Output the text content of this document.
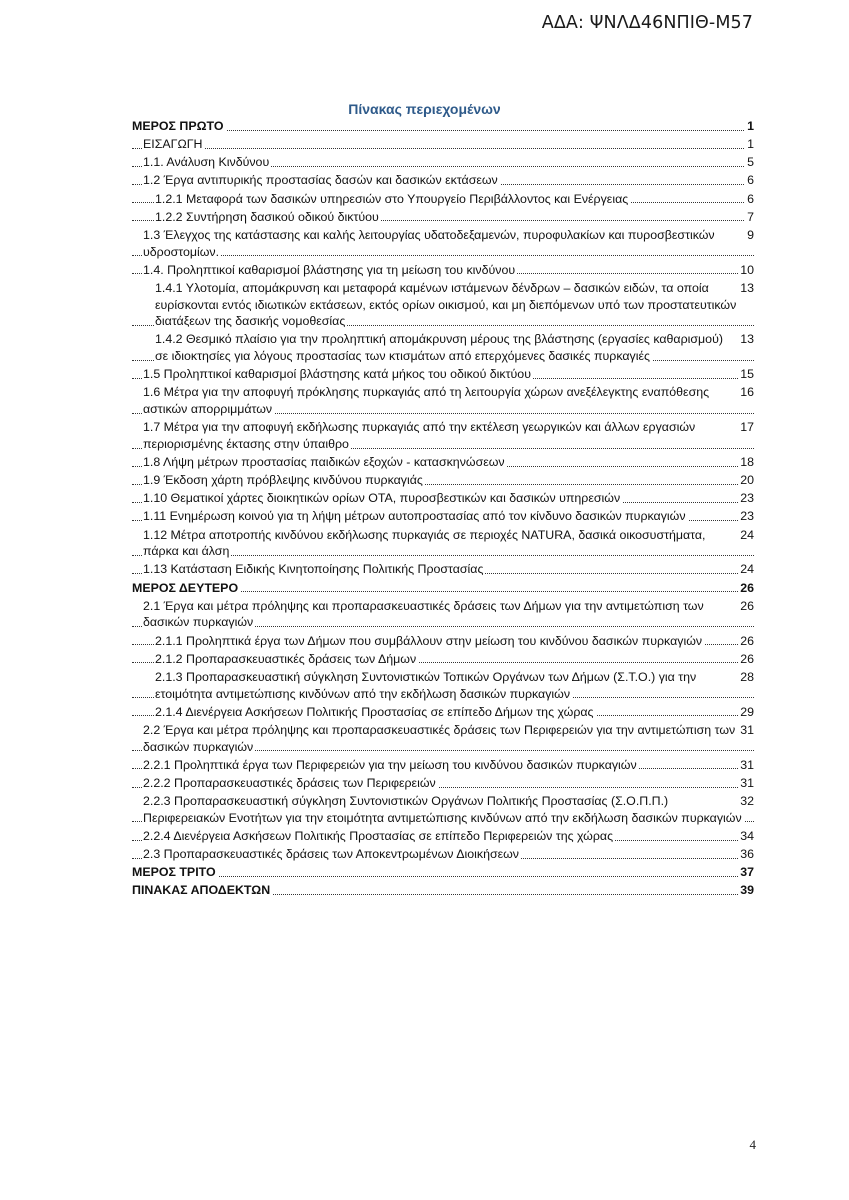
ΑΔΑ: ΨΝΛΔ46ΝΠΙΘ-Μ57
Πίνακας περιεχομένων
1
ΜΕΡΟΣ ΠΡΩΤΟ
1
ΕΙΣΑΓΩΓΗ
5
1.1. Ανάλυση Κινδύνου
6
1.2 Έργα αντιπυρικής προστασίας δασών και δασικών εκτάσεων
6
1.2.1 Μεταφορά των δασικών υπηρεσιών στο Υπουργείο Περιβάλλοντος και Ενέργειας
7
1.2.2 Συντήρηση δασικού οδικού δικτύου
9
1.3 Έλεγχος της κατάστασης και καλής λειτουργίας υδατοδεξαμενών, πυροφυλακίων και πυροσβεστικών υδροστομίων.
10
1.4. Προληπτικοί καθαρισμοί βλάστησης για τη μείωση του κινδύνου
13
1.4.1 Υλοτομία, απομάκρυνση και μεταφορά καμένων ιστάμενων δένδρων – δασικών ειδών, τα οποία ευρίσκονται εντός ιδιωτικών εκτάσεων, εκτός ορίων οικισμού, και μη διεπόμενων υπό των προστατευτικών διατάξεων της δασικής νομοθεσίας
13
1.4.2 Θεσμικό πλαίσιο για την προληπτική απομάκρυνση μέρους της βλάστησης (εργασίες καθαρισμού) σε ιδιοκτησίες για λόγους προστασίας των κτισμάτων από επερχόμενες δασικές πυρκαγιές
15
1.5 Προληπτικοί καθαρισμοί βλάστησης κατά μήκος του οδικού δικτύου
16
1.6 Μέτρα για την αποφυγή πρόκλησης πυρκαγιάς από τη λειτουργία χώρων ανεξέλεγκτης εναπόθεσης αστικών απορριμμάτων
17
1.7 Μέτρα για την αποφυγή εκδήλωσης πυρκαγιάς από την εκτέλεση γεωργικών και άλλων εργασιών περιορισμένης έκτασης στην ύπαιθρο
18
1.8 Λήψη μέτρων προστασίας παιδικών εξοχών - κατασκηνώσεων
20
1.9 Έκδοση χάρτη πρόβλεψης κινδύνου πυρκαγιάς
23
1.10 Θεματικοί χάρτες διοικητικών ορίων ΟΤΑ, πυροσβεστικών και δασικών υπηρεσιών
23
1.11 Ενημέρωση κοινού για τη λήψη μέτρων αυτοπροστασίας από τον κίνδυνο δασικών πυρκαγιών
24
1.12 Μέτρα αποτροπής κινδύνου εκδήλωσης πυρκαγιάς σε περιοχές NATURA, δασικά οικοσυστήματα, πάρκα και άλση
24
1.13 Κατάσταση Ειδικής Κινητοποίησης Πολιτικής Προστασίας
26
ΜΕΡΟΣ ΔΕΥΤΕΡΟ
26
2.1 Έργα και μέτρα πρόληψης και προπαρασκευαστικές δράσεις των Δήμων για την αντιμετώπιση των δασικών πυρκαγιών
26
2.1.1 Προληπτικά έργα των Δήμων που συμβάλλουν στην μείωση του κινδύνου δασικών πυρκαγιών
26
2.1.2 Προπαρασκευαστικές δράσεις των Δήμων
28
2.1.3 Προπαρασκευαστική σύγκληση Συντονιστικών Τοπικών Οργάνων των Δήμων (Σ.Τ.Ο.) για την ετοιμότητα αντιμετώπισης κινδύνων από την εκδήλωση δασικών πυρκαγιών
29
2.1.4 Διενέργεια Ασκήσεων Πολιτικής Προστασίας σε επίπεδο Δήμων της χώρας
31
2.2 Έργα και μέτρα πρόληψης και προπαρασκευαστικές δράσεις των Περιφερειών για την αντιμετώπιση των δασικών πυρκαγιών
31
2.2.1 Προληπτικά έργα των Περιφερειών για την μείωση του κινδύνου δασικών πυρκαγιών
31
2.2.2 Προπαρασκευαστικές δράσεις των Περιφερειών
32
2.2.3 Προπαρασκευαστική σύγκληση Συντονιστικών Οργάνων Πολιτικής Προστασίας (Σ.Ο.Π.Π.) Περιφερειακών Ενοτήτων για την ετοιμότητα αντιμετώπισης κινδύνων από την εκδήλωση δασικών πυρκαγιών
34
2.2.4 Διενέργεια Ασκήσεων Πολιτικής Προστασίας σε επίπεδο Περιφερειών της χώρας
36
2.3 Προπαρασκευαστικές δράσεις των Αποκεντρωμένων Διοικήσεων
37
ΜΕΡΟΣ ΤΡΙΤΟ
39
ΠΙΝΑΚΑΣ ΑΠΟΔΕΚΤΩΝ
4
